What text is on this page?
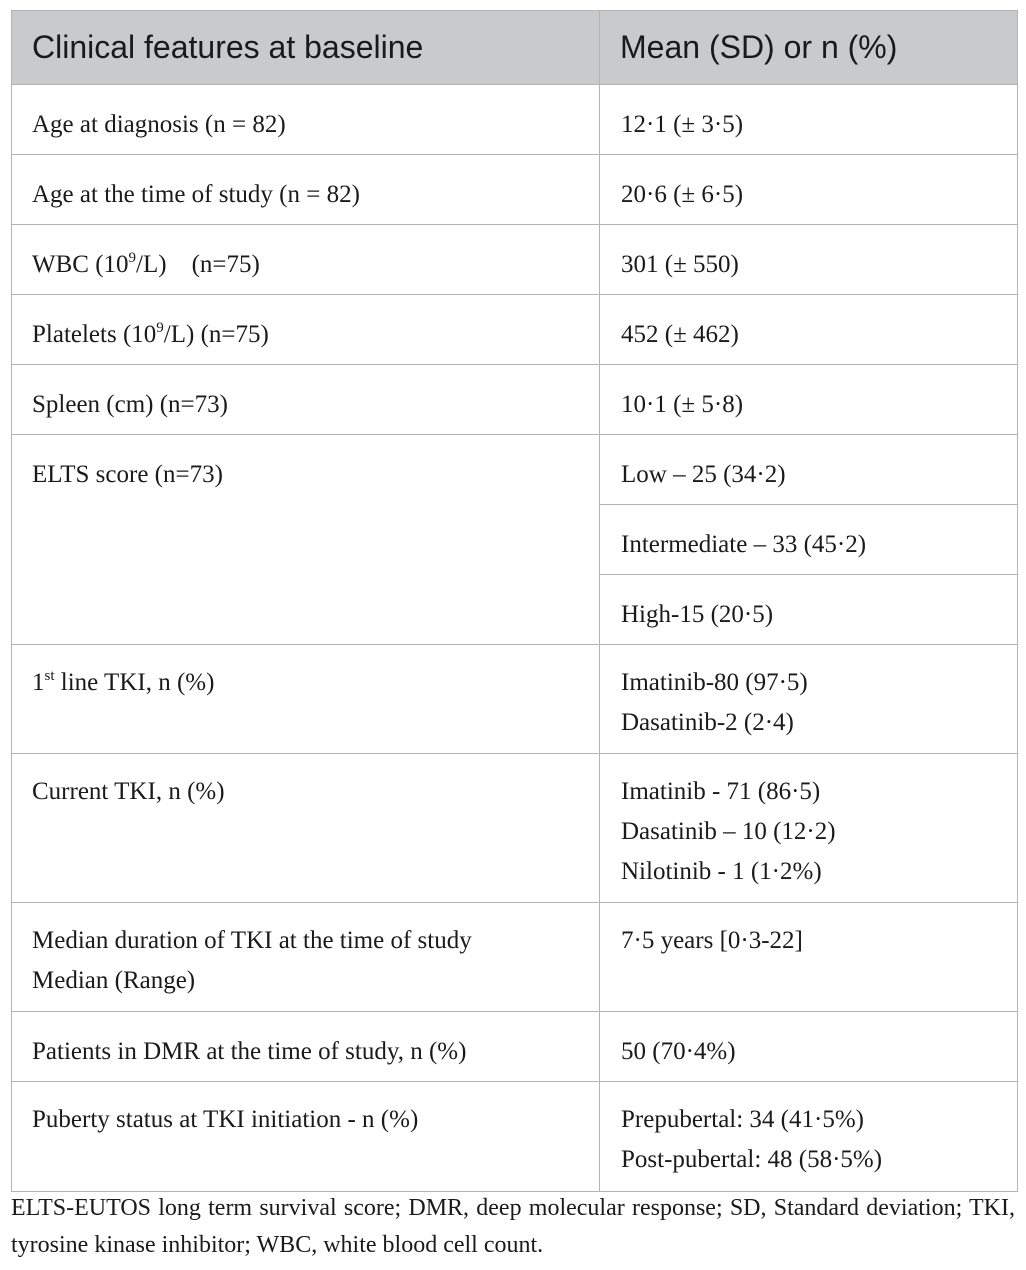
Clinical features at baseline	Mean (SD) or n (%)
Age at diagnosis (n = 82)	12·1 (± 3·5)
Age at the time of study (n = 82)	20·6 (± 6·5)
WBC $(10^9/L)$    (n=75)	301 (± 550)
Platelets $(10^9/L)$ (n=75)	452 (± 462)
Spleen (cm) (n=73)	10·1 (± 5·8)
ELTS score (n=73)	Low – 25 (34·2)
	Intermediate – 33 (45·2)
	High-15 (20·5)
1st line TKI, n (%)	Imatinib-80 (97·5)
Dasatinib-2 (2·4)

Current TKI, n (%)	Imatinib - 71 (86·5)
Dasatinib – 10 (12·2)
Nilotinib - 1 (1·2%)

Median duration of TKI at the time of study
Median (Range)	7·5 years [0·3-22]
Patients in DMR at the time of study, n (%)	50 (70·4%)
Puberty status at TKI initiation - n (%)	Prepubertal: 34 (41·5%)
Post-pubertal: 48 (58·5%)
ELTS-EUTOS long term survival score; DMR, deep molecular response; SD, Standard deviation; TKI, tyrosine kinase inhibitor; WBC, white blood cell count.
